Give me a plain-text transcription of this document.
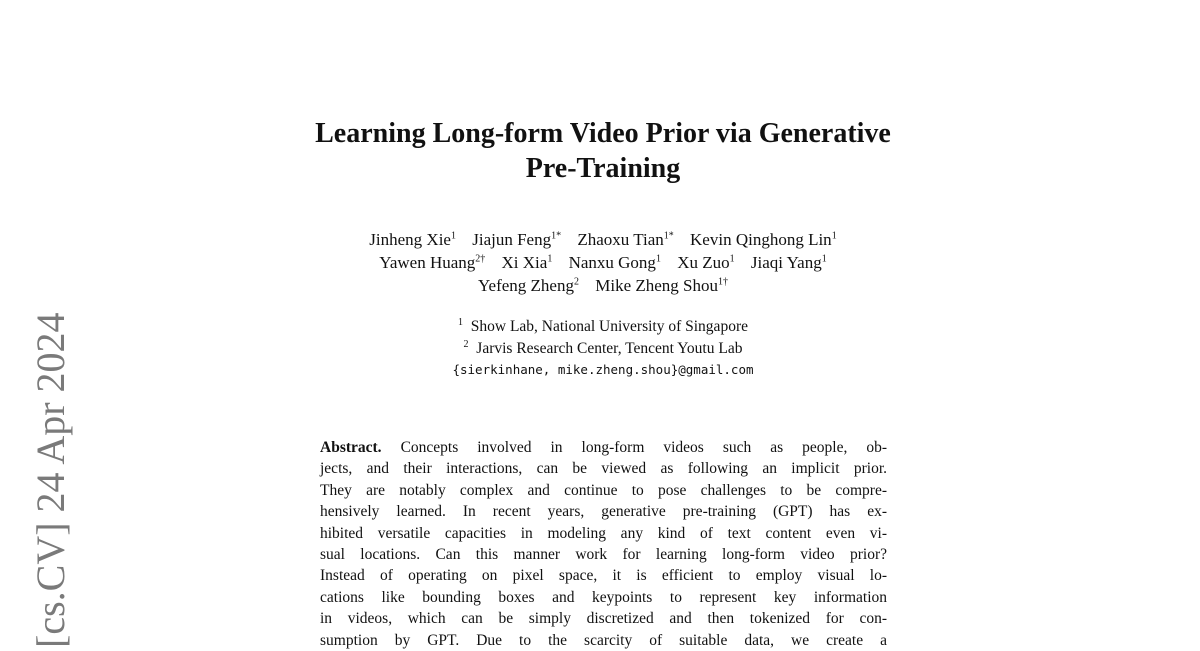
[cs.CV] 24 Apr 2024
Learning Long-form Video Prior via Generative
Pre-Training
Jinheng Xie$^1$ Jiajun Feng$^{1*}$ Zhaoxu Tian$^{1*}$ Kevin Qinghong Lin$^1$
Yawen Huang$^{2\dagger}$ Xi Xia$^1$ Nanxu Gong$^1$ Xu Zuo$^1$ Jiaqi Yang$^1$
Yefeng Zheng$^2$ Mike Zheng Shou$^{1\dagger}$
$^1$ Show Lab, National University of Singapore
$^2$ Jarvis Research Center, Tencent Youtu Lab
{sierkinhane, mike.zheng.shou}@gmail.com
Abstract. Concepts involved in long-form videos such as people, ob-
jects, and their interactions, can be viewed as following an implicit prior.
They are notably complex and continue to pose challenges to be compre-
hensively learned. In recent years, generative pre-training (GPT) has ex-
hibited versatile capacities in modeling any kind of text content even vi-
sual locations. Can this manner work for learning long-form video prior?
Instead of operating on pixel space, it is efficient to employ visual lo-
cations like bounding boxes and keypoints to represent key information
in videos, which can be simply discretized and then tokenized for con-
sumption by GPT. Due to the scarcity of suitable data, we create a
